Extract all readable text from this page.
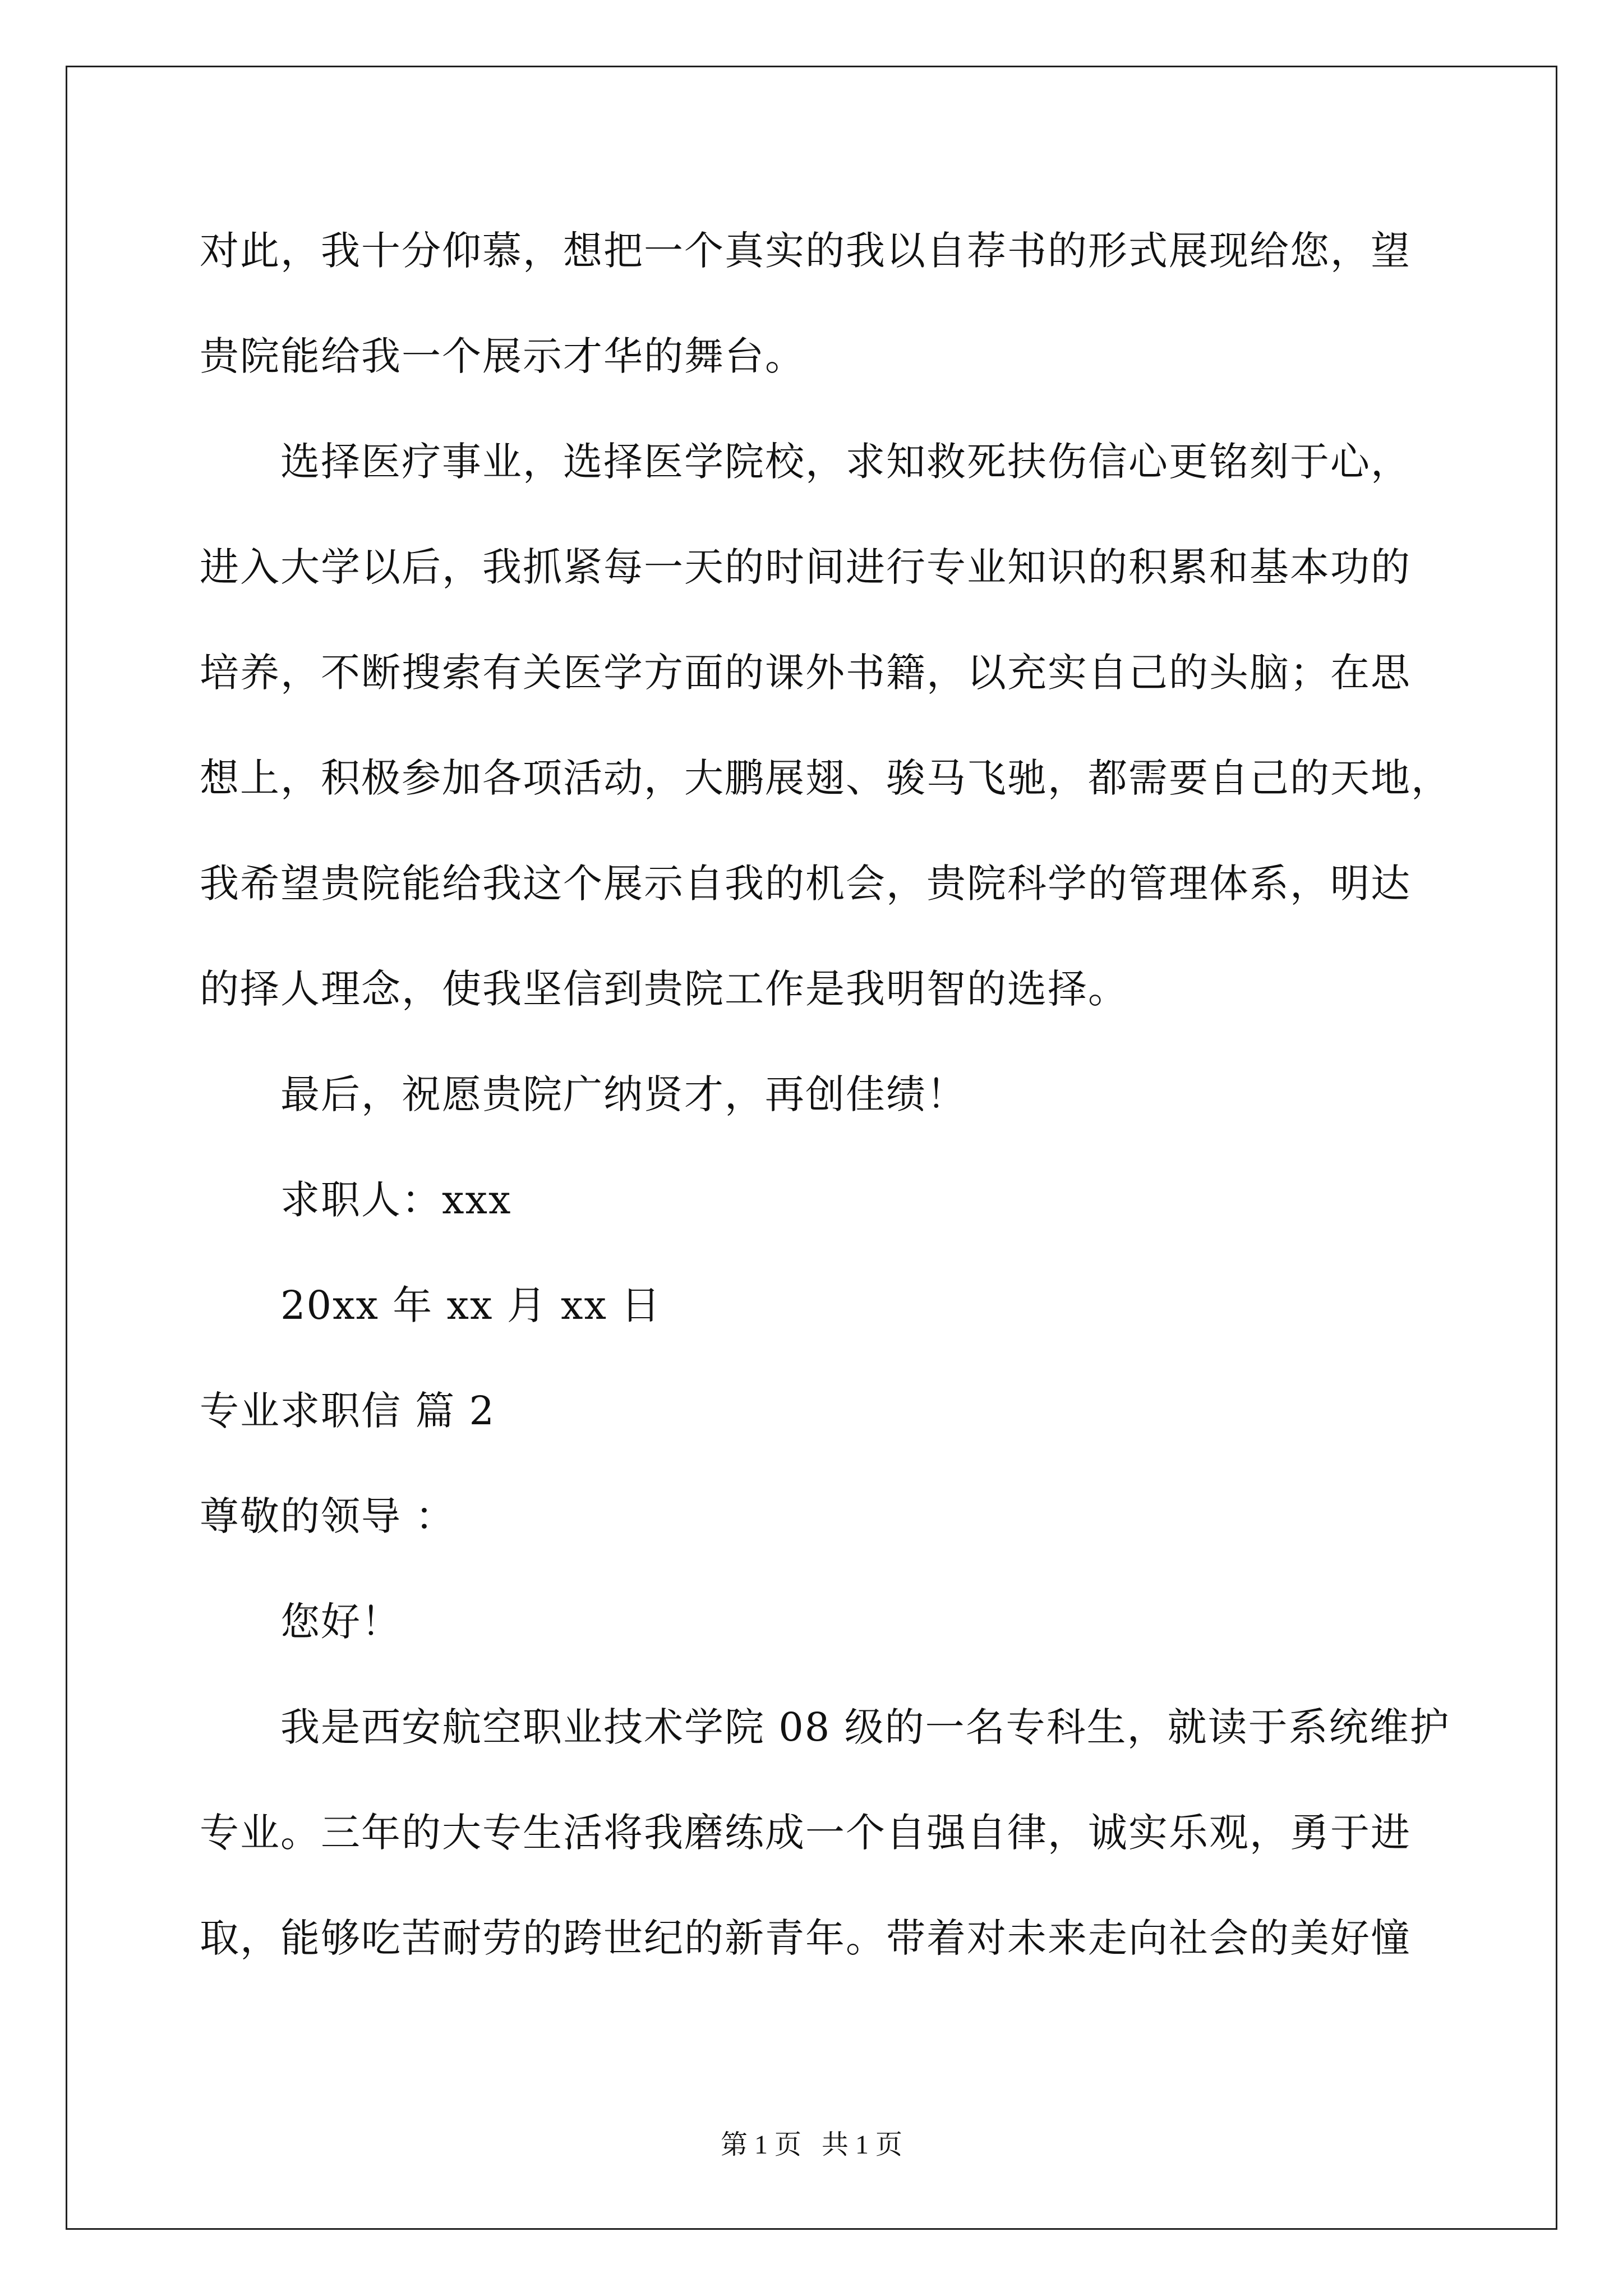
对此，我十分仰慕，想把一个真实的我以自荐书的形式展现给您，望
贵院能给我一个展示才华的舞台。
选择医疗事业，选择医学院校，求知救死扶伤信心更铭刻于心，
进入大学以后，我抓紧每一天的时间进行专业知识的积累和基本功的
培养，不断搜索有关医学方面的课外书籍，以充实自己的头脑；在思
想上，积极参加各项活动，大鹏展翅、骏马飞驰，都需要自己的天地，
我希望贵院能给我这个展示自我的机会，贵院科学的管理体系，明达
的择人理念，使我坚信到贵院工作是我明智的选择。
最后，祝愿贵院广纳贤才，再创佳绩！
求职人：xxx
20xx 年 xx 月 xx 日
专业求职信 篇 2
尊敬的领导 ：
您好！
我是西安航空职业技术学院 08 级的一名专科生，就读于系统维护
专业。三年的大专生活将我磨练成一个自强自律，诚实乐观，勇于进
取，能够吃苦耐劳的跨世纪的新青年。带着对未来走向社会的美好憧
第 1 页   共 1 页
